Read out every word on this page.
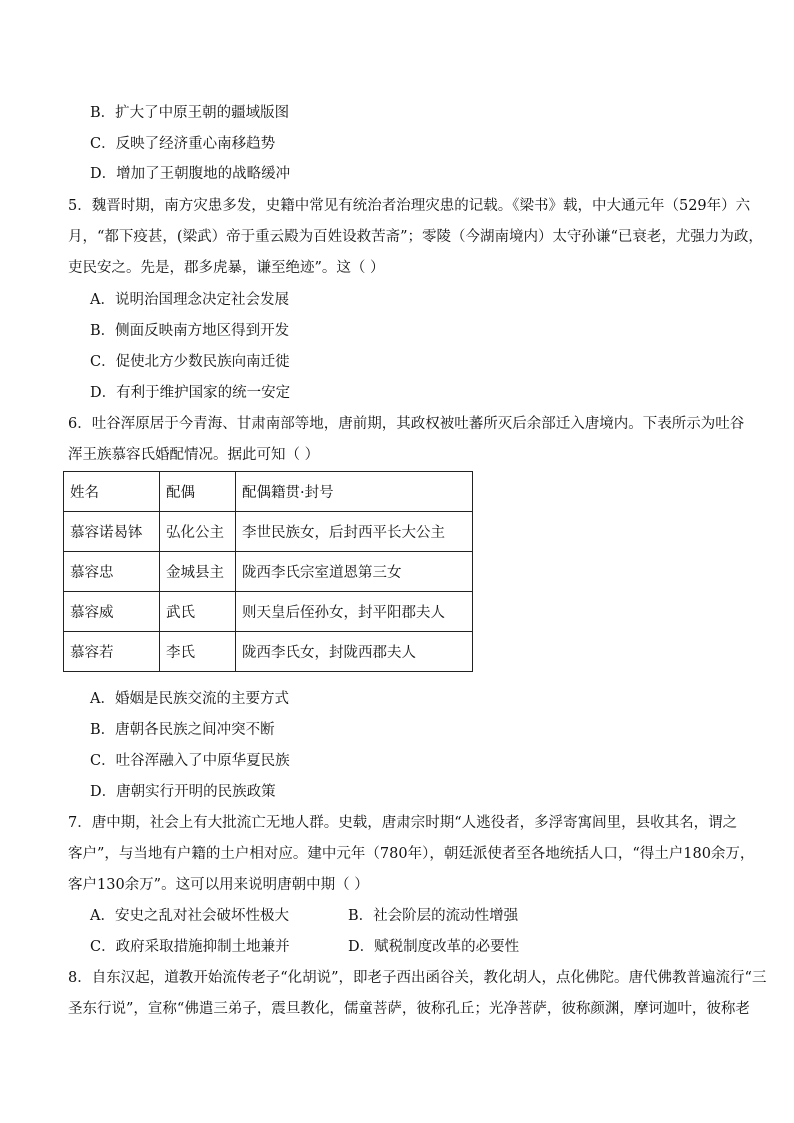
B．扩大了中原王朝的疆域版图
C．反映了经济重心南移趋势
D．增加了王朝腹地的战略缓冲
5．魏晋时期，南方灾患多发，史籍中常见有统治者治理灾患的记载。《梁书》载，中大通元年（529年）六
月，“都下疫甚，(梁武）帝于重云殿为百姓设救苦斋”；零陵（今湖南境内）太守孙谦“已衰老，尤强力为政，
吏民安之。先是，郡多虎暴，谦至绝迹”。这（ ）
A．说明治国理念决定社会发展
B．侧面反映南方地区得到开发
C．促使北方少数民族向南迁徙
D．有利于维护国家的统一安定
6．吐谷浑原居于今青海、甘肃南部等地，唐前期，其政权被吐蕃所灭后余部迁入唐境内。下表所示为吐谷
浑王族慕容氏婚配情况。据此可知（ ）
姓名	配偶	配偶籍贯·封号
慕容诺曷钵	弘化公主	李世民族女，后封西平长大公主
慕容忠	金城县主	陇西李氏宗室道恩第三女
慕容威	武氏	则天皇后侄孙女，封平阳郡夫人
慕容若	李氏	陇西李氏女，封陇西郡夫人
A．婚姻是民族交流的主要方式
B．唐朝各民族之间冲突不断
C．吐谷浑融入了中原华夏民族
D．唐朝实行开明的民族政策
7．唐中期，社会上有大批流亡无地人群。史载，唐肃宗时期“人逃役者，多浮寄寓闾里，县收其名，谓之
客户”，与当地有户籍的土户相对应。建中元年（780年），朝廷派使者至各地统括人口，“得土户180余万，
客户130余万”。这可以用来说明唐朝中期（ ）
A．安史之乱对社会破坏性极大	B．社会阶层的流动性增强
C．政府采取措施抑制土地兼并	D．赋税制度改革的必要性
8．自东汉起，道教开始流传老子“化胡说”，即老子西出函谷关，教化胡人，点化佛陀。唐代佛教普遍流行“三
圣东行说”，宣称“佛遣三弟子，震旦教化，儒童菩萨，彼称孔丘；光净菩萨，彼称颜渊，摩诃迦叶，彼称老
